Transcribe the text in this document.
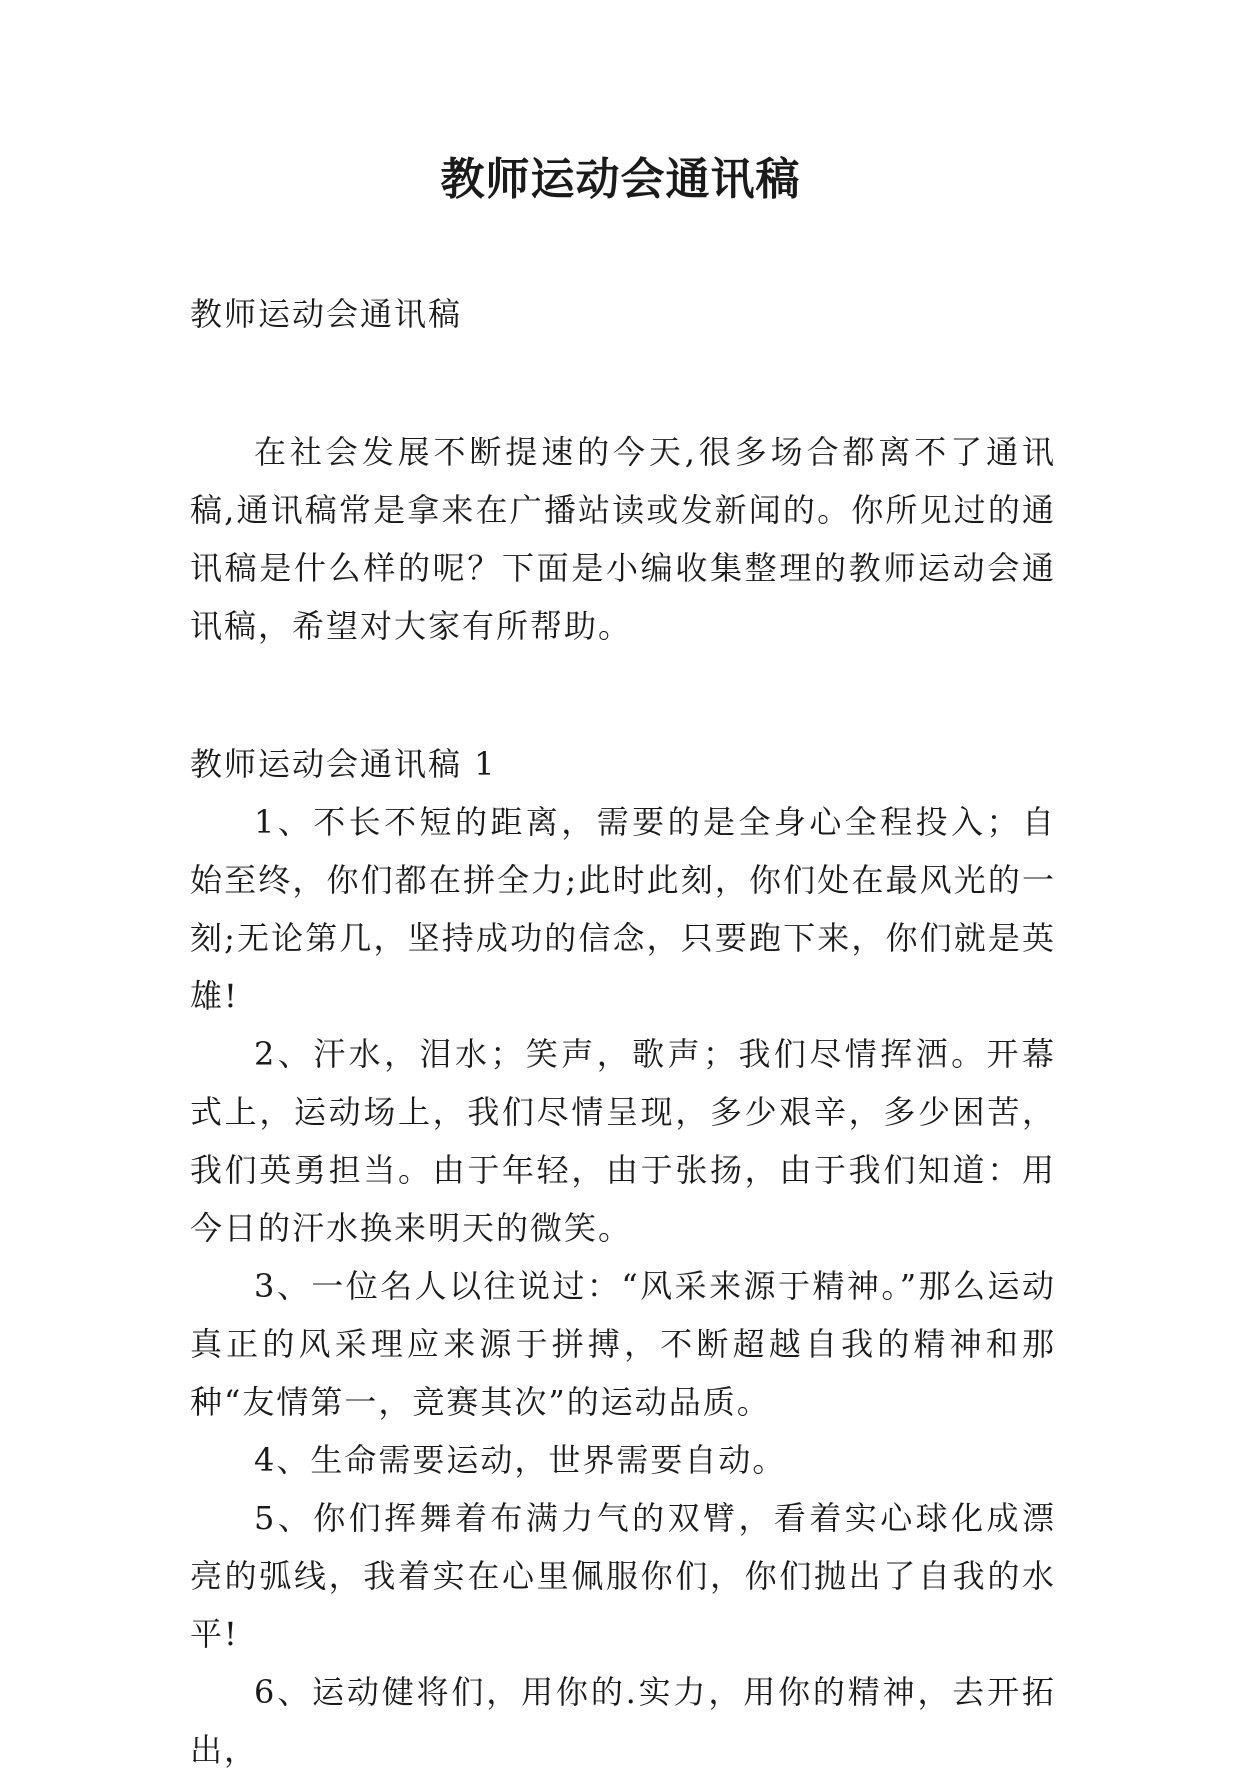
教师运动会通讯稿

教师运动会通讯稿

在社会发展不断提速的今天,很多场合都离不了通讯稿,通讯稿常是拿来在广播站读或发新闻的。你所见过的通讯稿是什么样的呢？下面是小编收集整理的教师运动会通讯稿，希望对大家有所帮助。

教师运动会通讯稿 1

1、不长不短的距离，需要的是全身心全程投入；自始至终，你们都在拼全力;此时此刻，你们处在最风光的一刻;无论第几，坚持成功的信念，只要跑下来，你们就是英雄!

2、汗水，泪水；笑声，歌声；我们尽情挥洒。开幕式上，运动场上，我们尽情呈现，多少艰辛，多少困苦，我们英勇担当。由于年轻，由于张扬，由于我们知道：用今日的汗水换来明天的微笑。

3、一位名人以往说过：“风采来源于精神。”那么运动真正的风采理应来源于拼搏，不断超越自我的精神和那种“友情第一，竞赛其次”的运动品质。

4、生命需要运动，世界需要自动。

5、你们挥舞着布满力气的双臂，看着实心球化成漂亮的弧线，我着实在心里佩服你们，你们抛出了自我的水平!

6、运动健将们，用你的.实力，用你的精神，去开拓出，
